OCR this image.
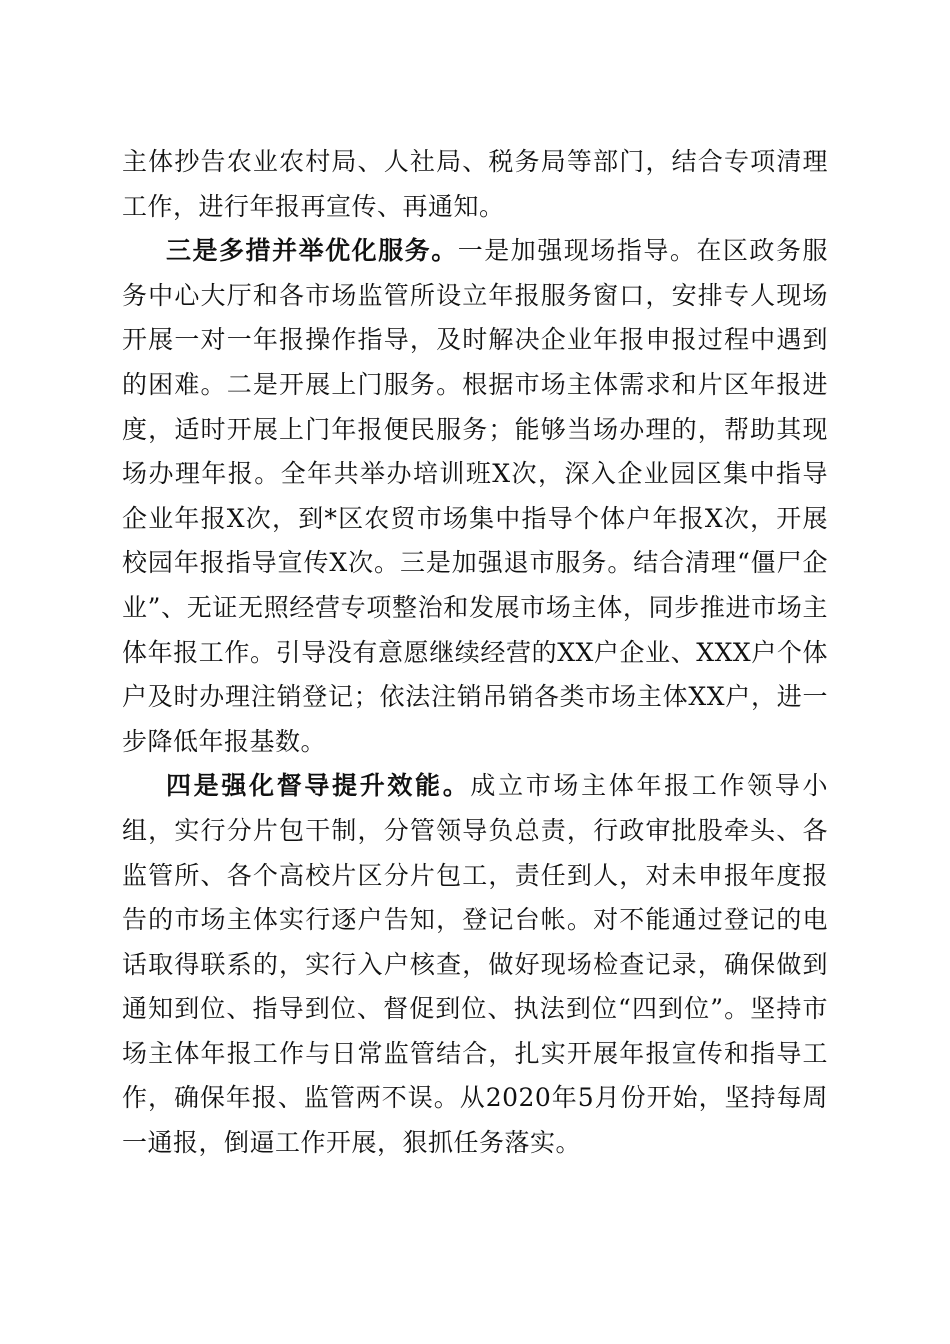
主体抄告农业农村局、人社局、税务局等部门，结合专项清理工作，进行年报再宣传、再通知。

三是多措并举优化服务。一是加强现场指导。在区政务服务中心大厅和各市场监管所设立年报服务窗口，安排专人现场开展一对一年报操作指导，及时解决企业年报申报过程中遇到的困难。二是开展上门服务。根据市场主体需求和片区年报进度，适时开展上门年报便民服务；能够当场办理的，帮助其现场办理年报。全年共举办培训班X次，深入企业园区集中指导企业年报X次，到*区农贸市场集中指导个体户年报X次，开展校园年报指导宣传X次。三是加强退市服务。结合清理“僵尸企业”、无证无照经营专项整治和发展市场主体，同步推进市场主体年报工作。引导没有意愿继续经营的XX户企业、XXX户个体户及时办理注销登记；依法注销吊销各类市场主体XX户，进一步降低年报基数。

四是强化督导提升效能。成立市场主体年报工作领导小组，实行分片包干制，分管领导负总责，行政审批股牵头、各监管所、各个高校片区分片包工，责任到人，对未申报年度报告的市场主体实行逐户告知，登记台帐。对不能通过登记的电话取得联系的，实行入户核查，做好现场检查记录，确保做到通知到位、指导到位、督促到位、执法到位“四到位”。坚持市场主体年报工作与日常监管结合，扎实开展年报宣传和指导工作，确保年报、监管两不误。从2020年5月份开始，坚持每周一通报，倒逼工作开展，狠抓任务落实。
